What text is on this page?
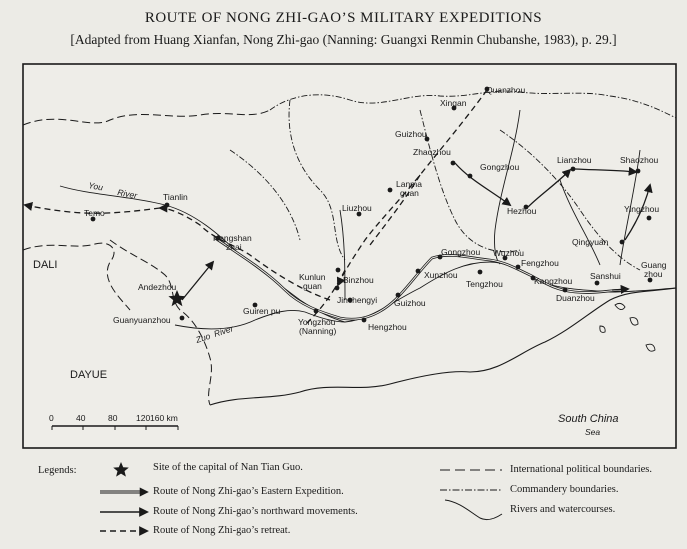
ROUTE OF NONG ZHI-GAO’S MILITARY EXPEDITIONS
[Adapted from Huang Xianfan, Nong Zhi-gao (Nanning: Guangxi Renmin Chubanshe, 1983), p. 29.]
Quanzhou
Xingan
Guizhou
Gongzhou
Zhaozhou
Lanma
guan
Liuzhou
Lianzhou	Shaozhou
Hezhou	Yingzhou
Qingyuan
Guang
zhou
Tianlin
Temo
Hengshan
zhai
Andezhou
Guanyuanzhou
Guiren pu
Kunlun
guan
Binzhou
Jinchengyi
Yongzhou
(Nanning)	Hengzhou
Guizhou
Xunzhou
Gongzhou
Tengzhou
Wuzhou
Fengzhou
Kangzhou
Duanzhou
Sanshui
DALI
DAYUE
South China
Sea
You
River
Zuo River
0	40	80 120 160 km
Legends:	Site of the capital of Nan Tian Guo.
Route of Nong Zhi-gao’s Eastern Expedition.
Route of Nong Zhi-gao’s northward movements.
Route of Nong Zhi-gao’s retreat.
International political boundaries.
Commandery boundaries.
Rivers and watercourses.
